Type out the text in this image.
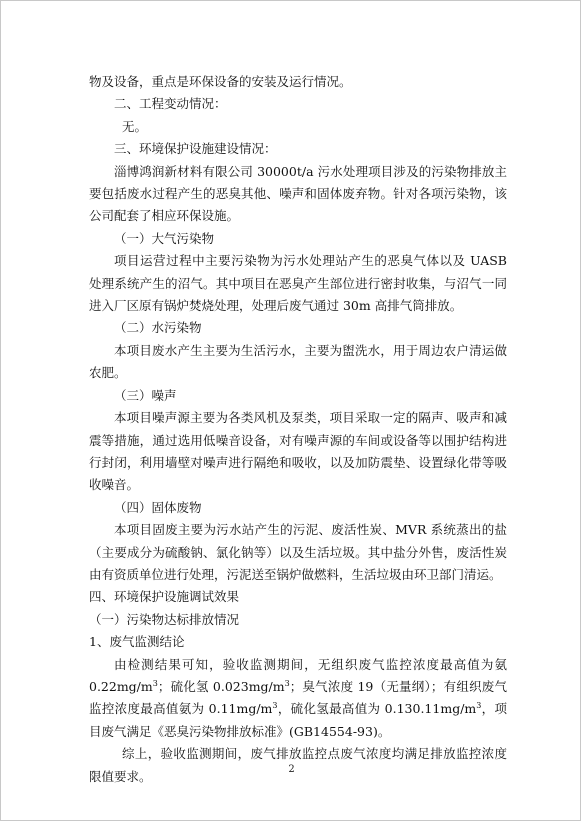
物及设备，重点是环保设备的安装及运行情况。

二、工程变动情况：

无。

三、环境保护设施建设情况：

淄博鸿润新材料有限公司 30000t/a 污水处理项目涉及的污染物排放主要包括废水过程产生的恶臭其他、噪声和固体废弃物。针对各项污染物，该公司配套了相应环保设施。

（一）大气污染物

项目运营过程中主要污染物为污水处理站产生的恶臭气体以及 UASB 处理系统产生的沼气。其中项目在恶臭产生部位进行密封收集，与沼气一同进入厂区原有锅炉焚烧处理，处理后废气通过 30m 高排气筒排放。

（二）水污染物

本项目废水产生主要为生活污水，主要为盥洗水，用于周边农户清运做农肥。

（三）噪声

本项目噪声源主要为各类风机及泵类，项目采取一定的隔声、吸声和减震等措施，通过选用低噪音设备，对有噪声源的车间或设备等以围护结构进行封闭，利用墙壁对噪声进行隔绝和吸收，以及加防震垫、设置绿化带等吸收噪音。

（四）固体废物

本项目固废主要为污水站产生的污泥、废活性炭、MVR 系统蒸出的盐（主要成分为硫酸钠、氯化钠等）以及生活垃圾。其中盐分外售，废活性炭由有资质单位进行处理，污泥送至锅炉做燃料，生活垃圾由环卫部门清运。

四、环境保护设施调试效果

（一）污染物达标排放情况

1、废气监测结论

由检测结果可知，验收监测期间，无组织废气监控浓度最高值为氨 $0.22mg/m^3$；硫化氢 $0.023mg/m^3$；臭气浓度 19（无量纲）；有组织废气监控浓度最高值氨为 $0.11mg/m^3$，硫化氢最高值为 $0.130.11mg/m^3$，项目废气满足《恶臭污染物排放标准》(GB14554-93)。

综上，验收监测期间，废气排放监控点废气浓度均满足排放监控浓度限值要求。	2
